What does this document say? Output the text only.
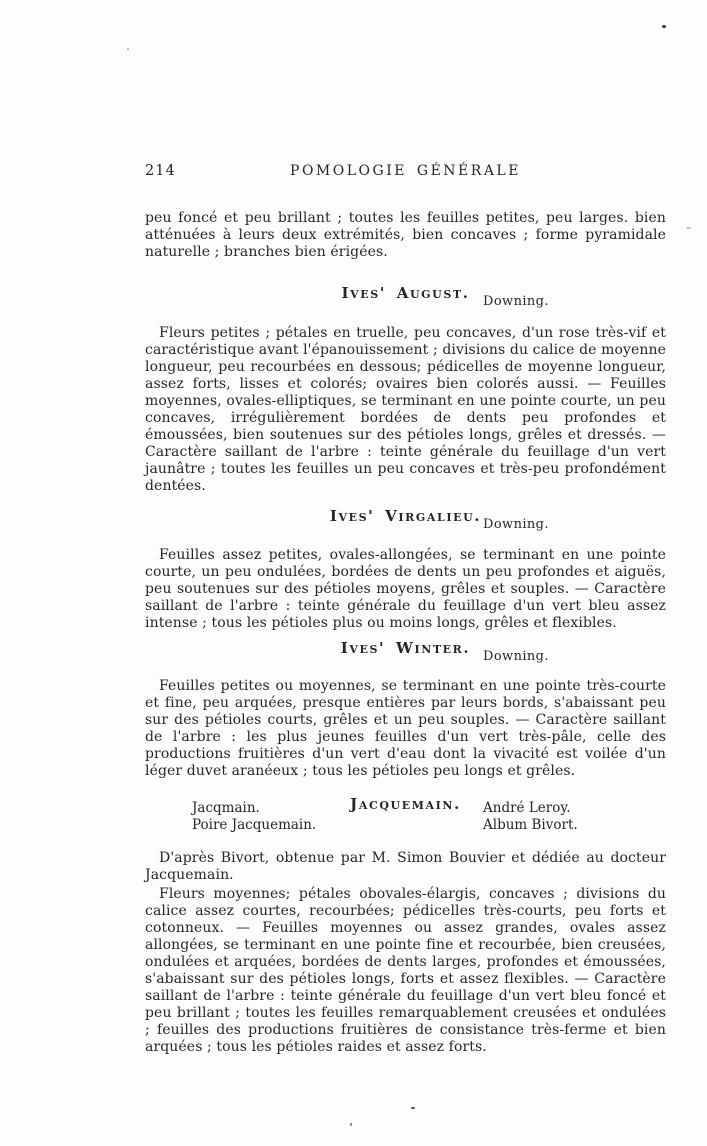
214	POMOLOGIE GÉNÉRALE

peu foncé et peu brillant ; toutes les feuilles petites, peu larges. bien atténuées à leurs deux extrémités, bien concaves ; forme pyramidale naturelle ; branches bien érigées.

Ives' August.	Downing.

Fleurs petites ; pétales en truelle, peu concaves, d'un rose très-vif et caractéristique avant l'épanouissement ; divisions du calice de moyenne longueur, peu recourbées en dessous; pédicelles de moyenne longueur, assez forts, lisses et colorés; ovaires bien colorés aussi. — Feuilles moyennes, ovales-elliptiques, se terminant en une pointe courte, un peu concaves, irrégulièrement bordées de dents peu profondes et émoussées, bien soutenues sur des pétioles longs, grêles et dressés. — Caractère saillant de l'arbre : teinte générale du feuillage d'un vert jaunâtre ; toutes les feuilles un peu concaves et très-peu profondément dentées.

Ives' Virgalieu. Downing.

Feuilles assez petites, ovales-allongées, se terminant en une pointe courte, un peu ondulées, bordées de dents un peu profondes et aiguës, peu soutenues sur des pétioles moyens, grêles et souples. — Caractère saillant de l'arbre : teinte générale du feuillage d'un vert bleu assez intense ; tous les pétioles plus ou moins longs, grêles et flexibles.

Ives' Winter. Downing.

Feuilles petites ou moyennes, se terminant en une pointe très-courte et fine, peu arquées, presque entières par leurs bords, s'abaissant peu sur des pétioles courts, grêles et un peu souples. — Caractère saillant de l'arbre : les plus jeunes feuilles d'un vert très-pâle, celle des productions fruitières d'un vert d'eau dont la vivacité est voilée d'un léger duvet aranéeux ; tous les pétioles peu longs et grêles.

Jacquemain.
Jacqmain.	André Leroy.
Poire Jacquemain.	Album Bivort.

D'après Bivort, obtenue par M. Simon Bouvier et dédiée au docteur Jacquemain.

Fleurs moyennes; pétales obovales-élargis, concaves ; divisions du calice assez courtes, recourbées; pédicelles très-courts, peu forts et cotonneux. — Feuilles moyennes ou assez grandes, ovales assez allongées, se terminant en une pointe fine et recourbée, bien creusées, ondulées et arquées, bordées de dents larges, profondes et émoussées, s'abaissant sur des pétioles longs, forts et assez flexibles. — Caractère saillant de l'arbre : teinte générale du feuillage d'un vert bleu foncé et peu brillant ; toutes les feuilles remarquablement creusées et ondulées ; feuilles des productions fruitières de consistance très-ferme et bien arquées ; tous les pétioles raides et assez forts.
